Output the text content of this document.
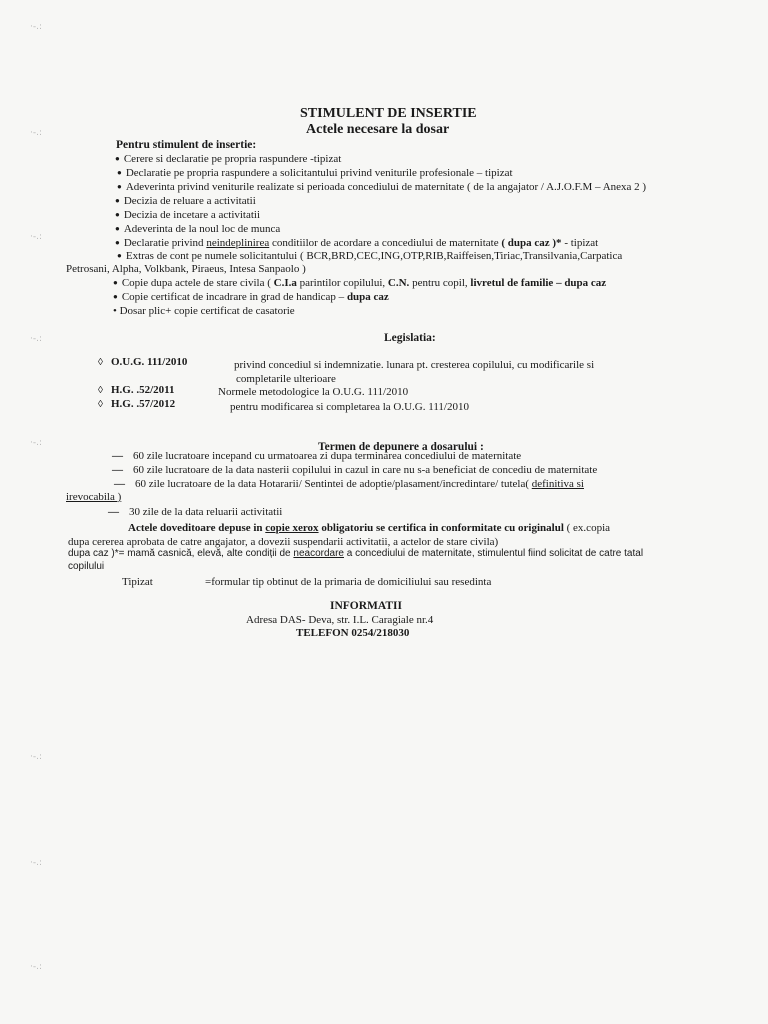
·‑.:
·‑.:
·‑.:
·‑.:
·‑.:
·‑.:
·‑.:
·‑.:
STIMULENT DE INSERTIE
Actele necesare la dosar
Pentru stimulent de insertie:
● Cerere si declaratie pe propria raspundere -tipizat
● Declaratie pe propria raspundere a solicitantului privind veniturile profesionale – tipizat
● Adeverinta privind veniturile realizate si perioada concediului de maternitate ( de la angajator / A.J.O.F.M – Anexa 2 )
● Decizia de reluare a activitatii
● Decizia de incetare a activitatii
● Adeverinta de la noul loc de munca
● Declaratie privind neindeplinirea conditiilor de acordare a concediului de maternitate ( dupa caz )* - tipizat
● Extras de cont pe numele solicitantului ( BCR,BRD,CEC,ING,OTP,RIB,Raiffeisen,Tiriac,Transilvania,Carpatica
Petrosani, Alpha, Volkbank, Piraeus, Intesa Sanpaolo )
● Copie dupa actele de stare civila ( C.I.a parintilor copilului, C.N. pentru copil, livretul de familie – dupa caz
● Copie certificat de incadrare in grad de handicap – dupa caz
• Dosar plic+ copie certificat de casatorie
Legislatia:
◊ O.U.G. 111/2010	privind concediul si indemnizatie. lunara pt. cresterea copilului, cu modificarile si
completarile ulterioare
◊ H.G. .52/2011	Normele metodologice la O.U.G. 111/2010
◊ H.G. .57/2012	pentru modificarea si completarea la O.U.G. 111/2010
Termen de depunere a dosarului :
— 60 zile lucratoare incepand cu urmatoarea zi dupa terminarea concediului de maternitate
— 60 zile lucratoare de la data nasterii copilului in cazul in care nu s-a beneficiat de concediu de maternitate
— 60 zile lucratoare de la data Hotararii/ Sentintei de adoptie/plasament/incredintare/ tutela( definitiva si
irevocabila )
— 30 zile de la data reluarii activitatii
Actele doveditoare depuse in copie xerox obligatoriu se certifica in conformitate cu originalul ( ex.copia
dupa cererea aprobata de catre angajator, a dovezii suspendarii activitatii, a actelor de stare civila)
dupa caz )*= mamă casnică, elevă, alte condiții de neacordare a concediului de maternitate, stimulentul fiind solicitat de catre tatal
copilului
Tipizat	=formular tip obtinut de la primaria de domiciliului sau resedinta
INFORMATII
Adresa DAS- Deva, str. I.L. Caragiale nr.4
TELEFON 0254/218030
